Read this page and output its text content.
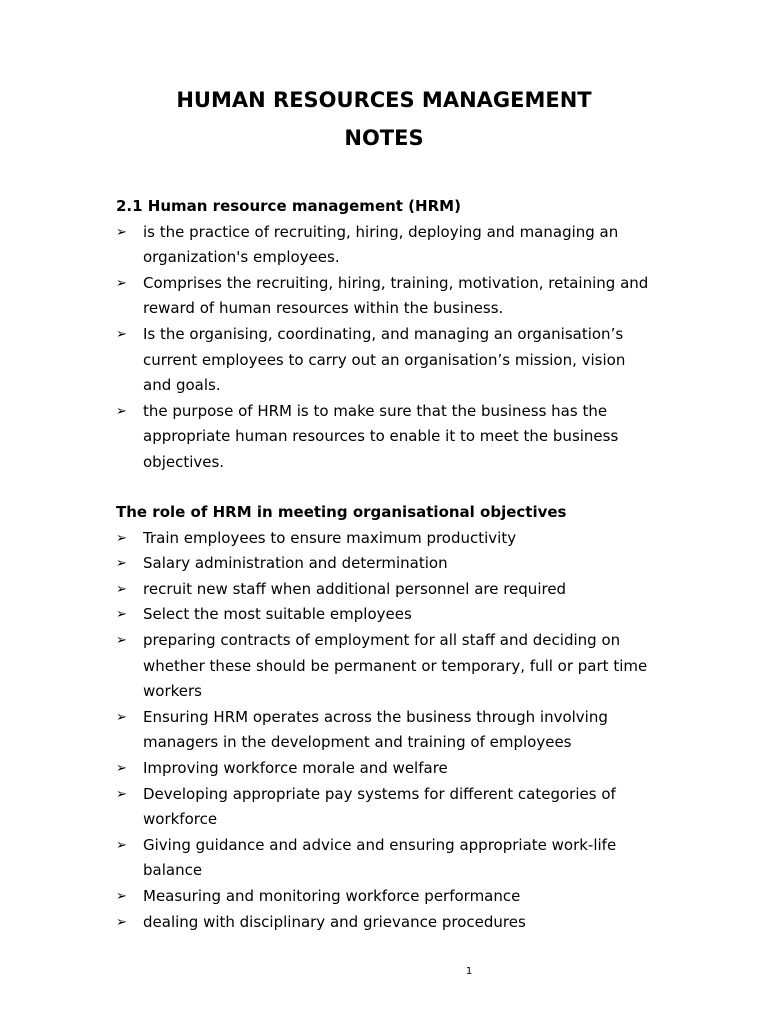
HUMAN RESOURCES MANAGEMENT
NOTES
2.1 Human resource management (HRM)
➢ is the practice of recruiting, hiring, deploying and managing an organization's employees.
➢ Comprises the recruiting, hiring, training, motivation, retaining and reward of human resources within the business.
➢ Is the organising, coordinating, and managing an organisation’s current employees to carry out an organisation’s mission, vision and goals.
➢ the purpose of HRM is to make sure that the business has the appropriate human resources to enable it to meet the business objectives.
The role of HRM in meeting organisational objectives
➢ Train employees to ensure maximum productivity
➢ Salary administration and determination
➢ recruit new staff when additional personnel are required
➢ Select the most suitable employees
➢ preparing contracts of employment for all staff and deciding on whether these should be permanent or temporary, full or part time workers
➢ Ensuring HRM operates across the business through involving managers in the development and training of employees
➢ Improving workforce morale and welfare
➢ Developing appropriate pay systems for different categories of workforce
➢ Giving guidance and advice and ensuring appropriate work-life balance
➢ Measuring and monitoring workforce performance
➢ dealing with disciplinary and grievance procedures
1
